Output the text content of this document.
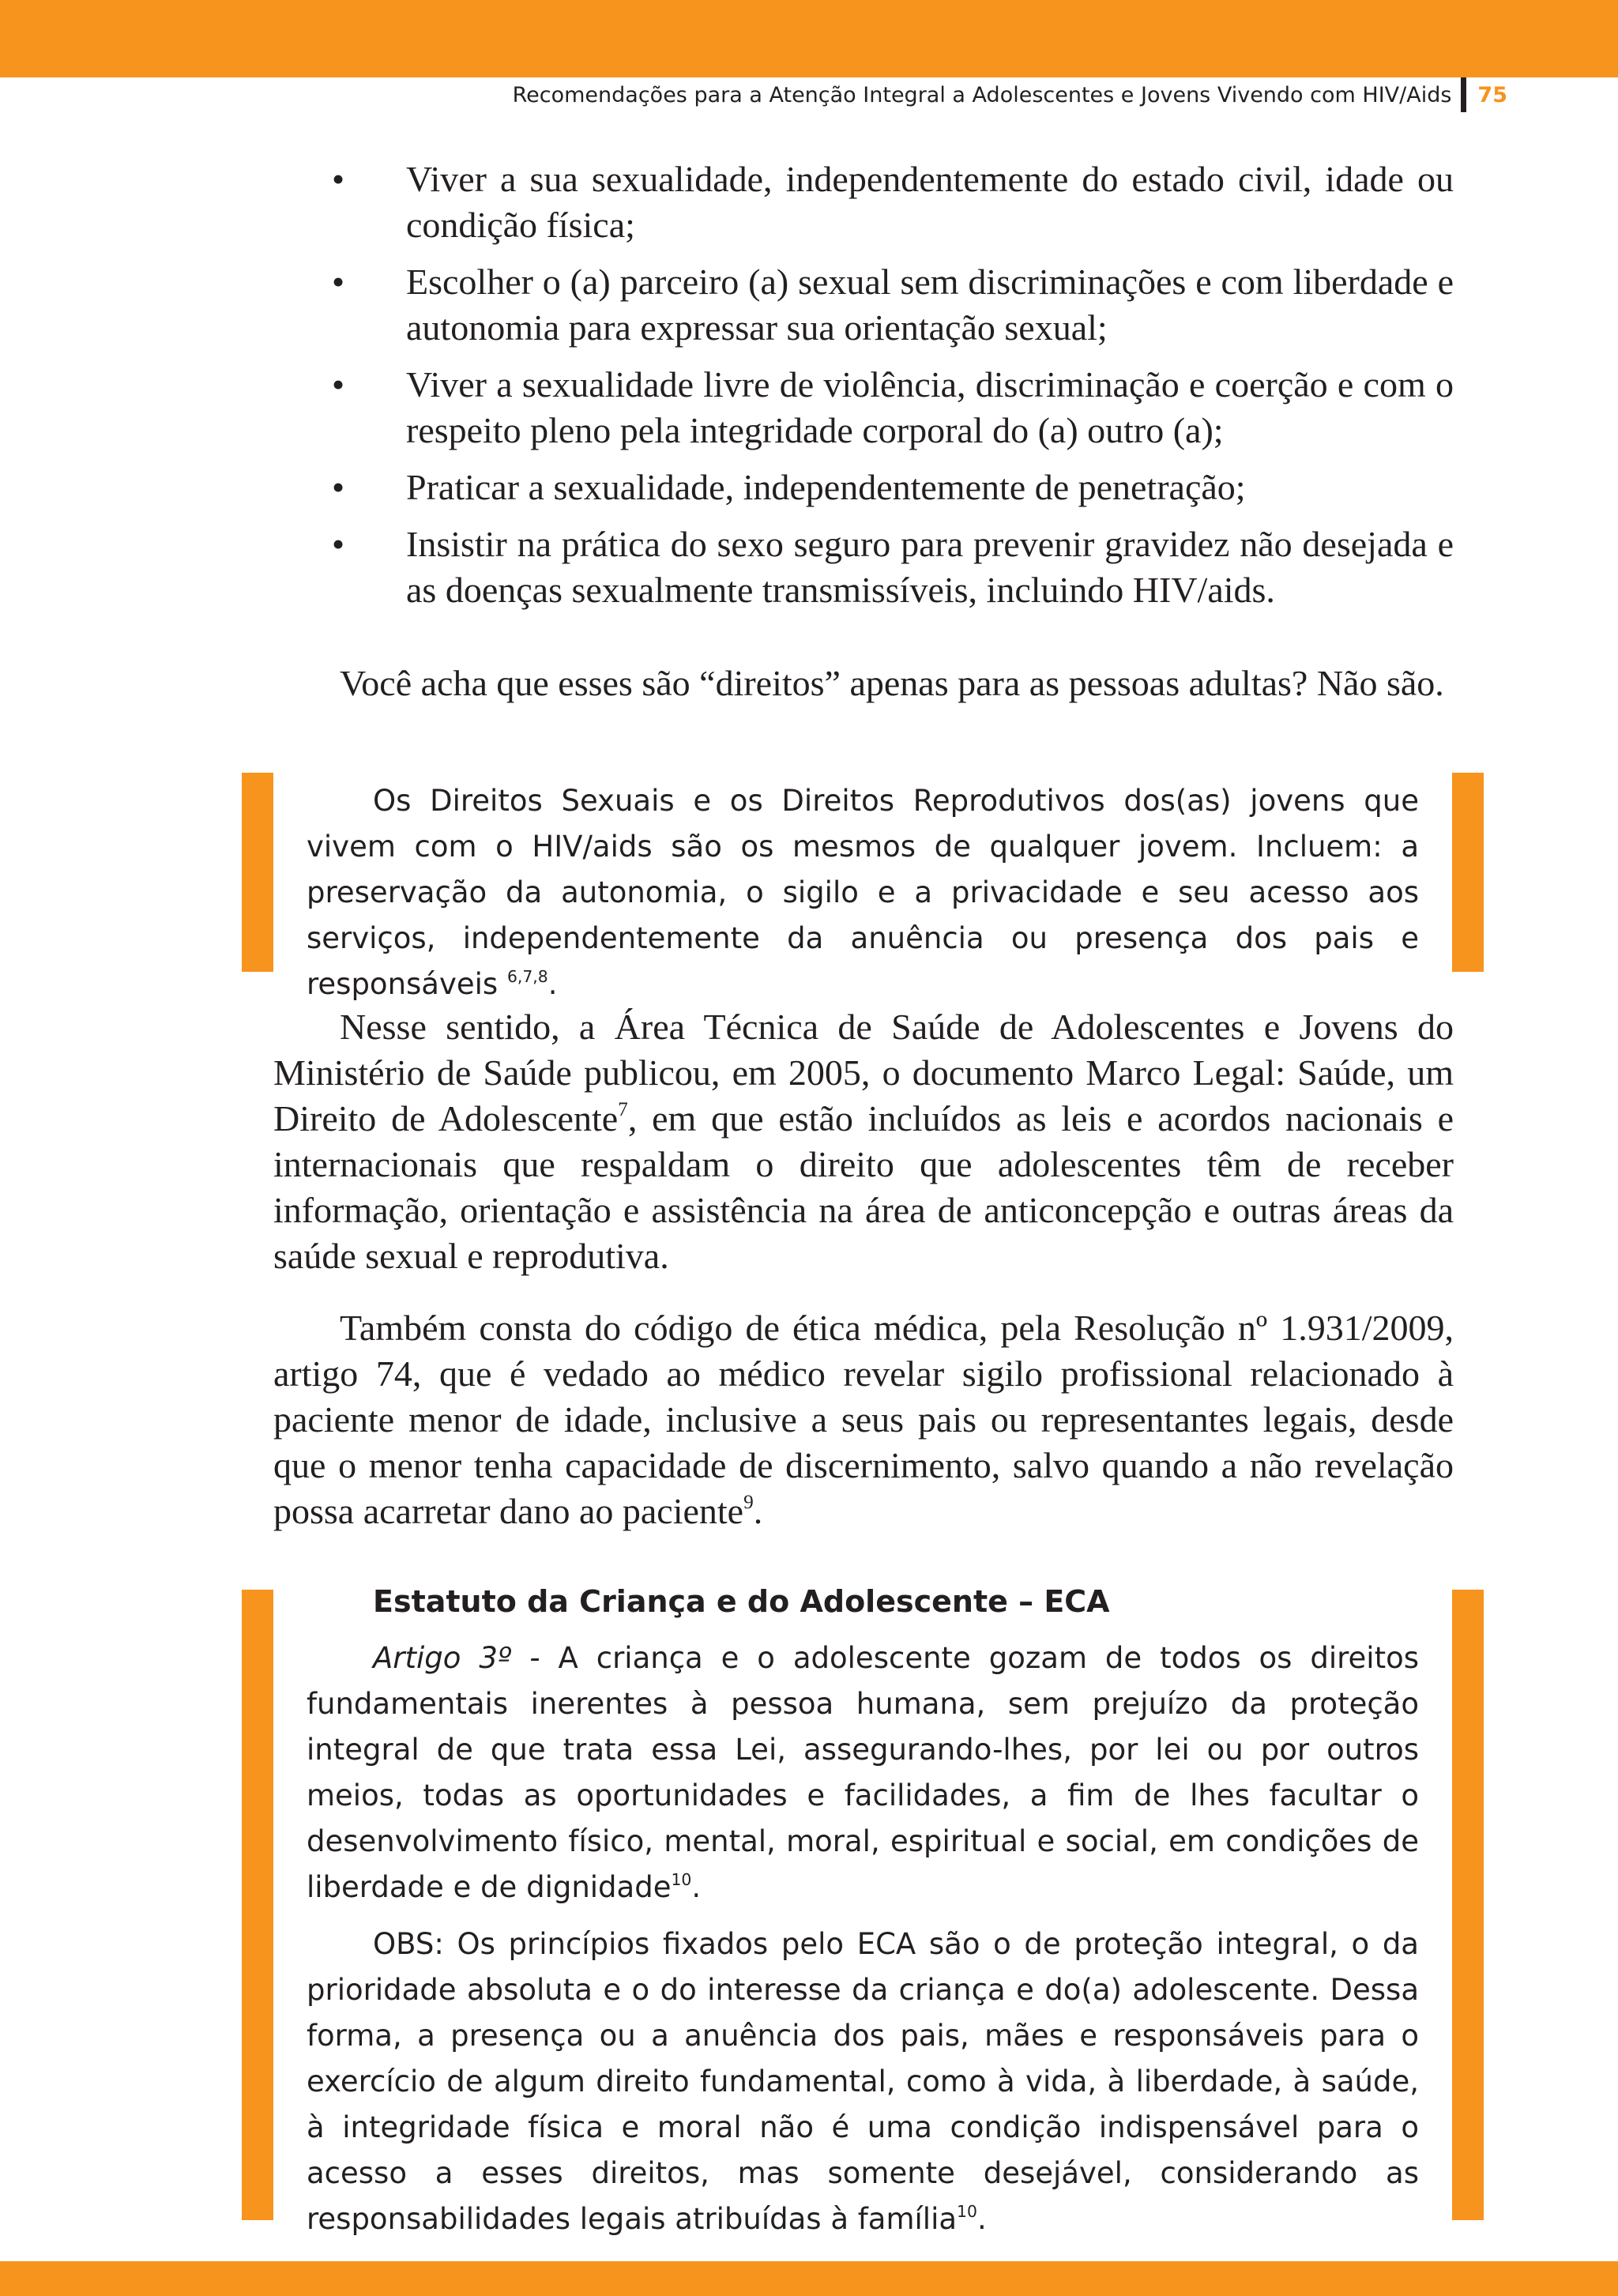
Recomendações para a Atenção Integral a Adolescentes e Jovens Vivendo com HIV/Aids 75
• Viver a sua sexualidade, independentemente do estado civil, idade ou condição física;
• Escolher o (a) parceiro (a) sexual sem discriminações e com liberdade e autonomia para expressar sua orientação sexual;
• Viver a sexualidade livre de violência, discriminação e coerção e com o respeito pleno pela integridade corporal do (a) outro (a);
• Praticar a sexualidade, independentemente de penetração;
• Insistir na prática do sexo seguro para prevenir gravidez não desejada e as doenças sexualmente transmissíveis, incluindo HIV/aids.

Você acha que esses são “direitos” apenas para as pessoas adultas? Não são.

Os Direitos Sexuais e os Direitos Reprodutivos dos(as) jovens que vivem com o HIV/aids são os mesmos de qualquer jovem. Incluem: a preservação da autonomia, o sigilo e a privacidade e seu acesso aos serviços, independentemente da anuência ou presença dos pais e responsáveis $^{6,7,8}$.

Nesse sentido, a Área Técnica de Saúde de Adolescentes e Jovens do Ministério de Saúde publicou, em 2005, o documento Marco Legal: Saúde, um Direito de Adolescente$^7$, em que estão incluídos as leis e acordos nacionais e internacionais que respaldam o direito que adolescentes têm de receber informação, orientação e assistência na área de anticoncepção e outras áreas da saúde sexual e reprodutiva.

Também consta do código de ética médica, pela Resolução nº 1.931/2009, artigo 74, que é vedado ao médico revelar sigilo profissional relacionado à paciente menor de idade, inclusive a seus pais ou representantes legais, desde que o menor tenha capacidade de discernimento, salvo quando a não revelação possa acarretar dano ao paciente$^9$.

Estatuto da Criança e do Adolescente – ECA

Artigo 3º - A criança e o adolescente gozam de todos os direitos fundamentais inerentes à pessoa humana, sem prejuízo da proteção integral de que trata essa Lei, assegurando-lhes, por lei ou por outros meios, todas as oportunidades e facilidades, a fim de lhes facultar o desenvolvimento físico, mental, moral, espiritual e social, em condições de liberdade e de dignidade$^{10}$.

OBS: Os princípios fixados pelo ECA são o de proteção integral, o da prioridade absoluta e o do interesse da criança e do(a) adolescente. Dessa forma, a presença ou a anuência dos pais, mães e responsáveis para o exercício de algum direito fundamental, como à vida, à liberdade, à saúde, à integridade física e moral não é uma condição indispensável para o acesso a esses direitos, mas somente desejável, considerando as responsabilidades legais atribuídas à família$^{10}$.
